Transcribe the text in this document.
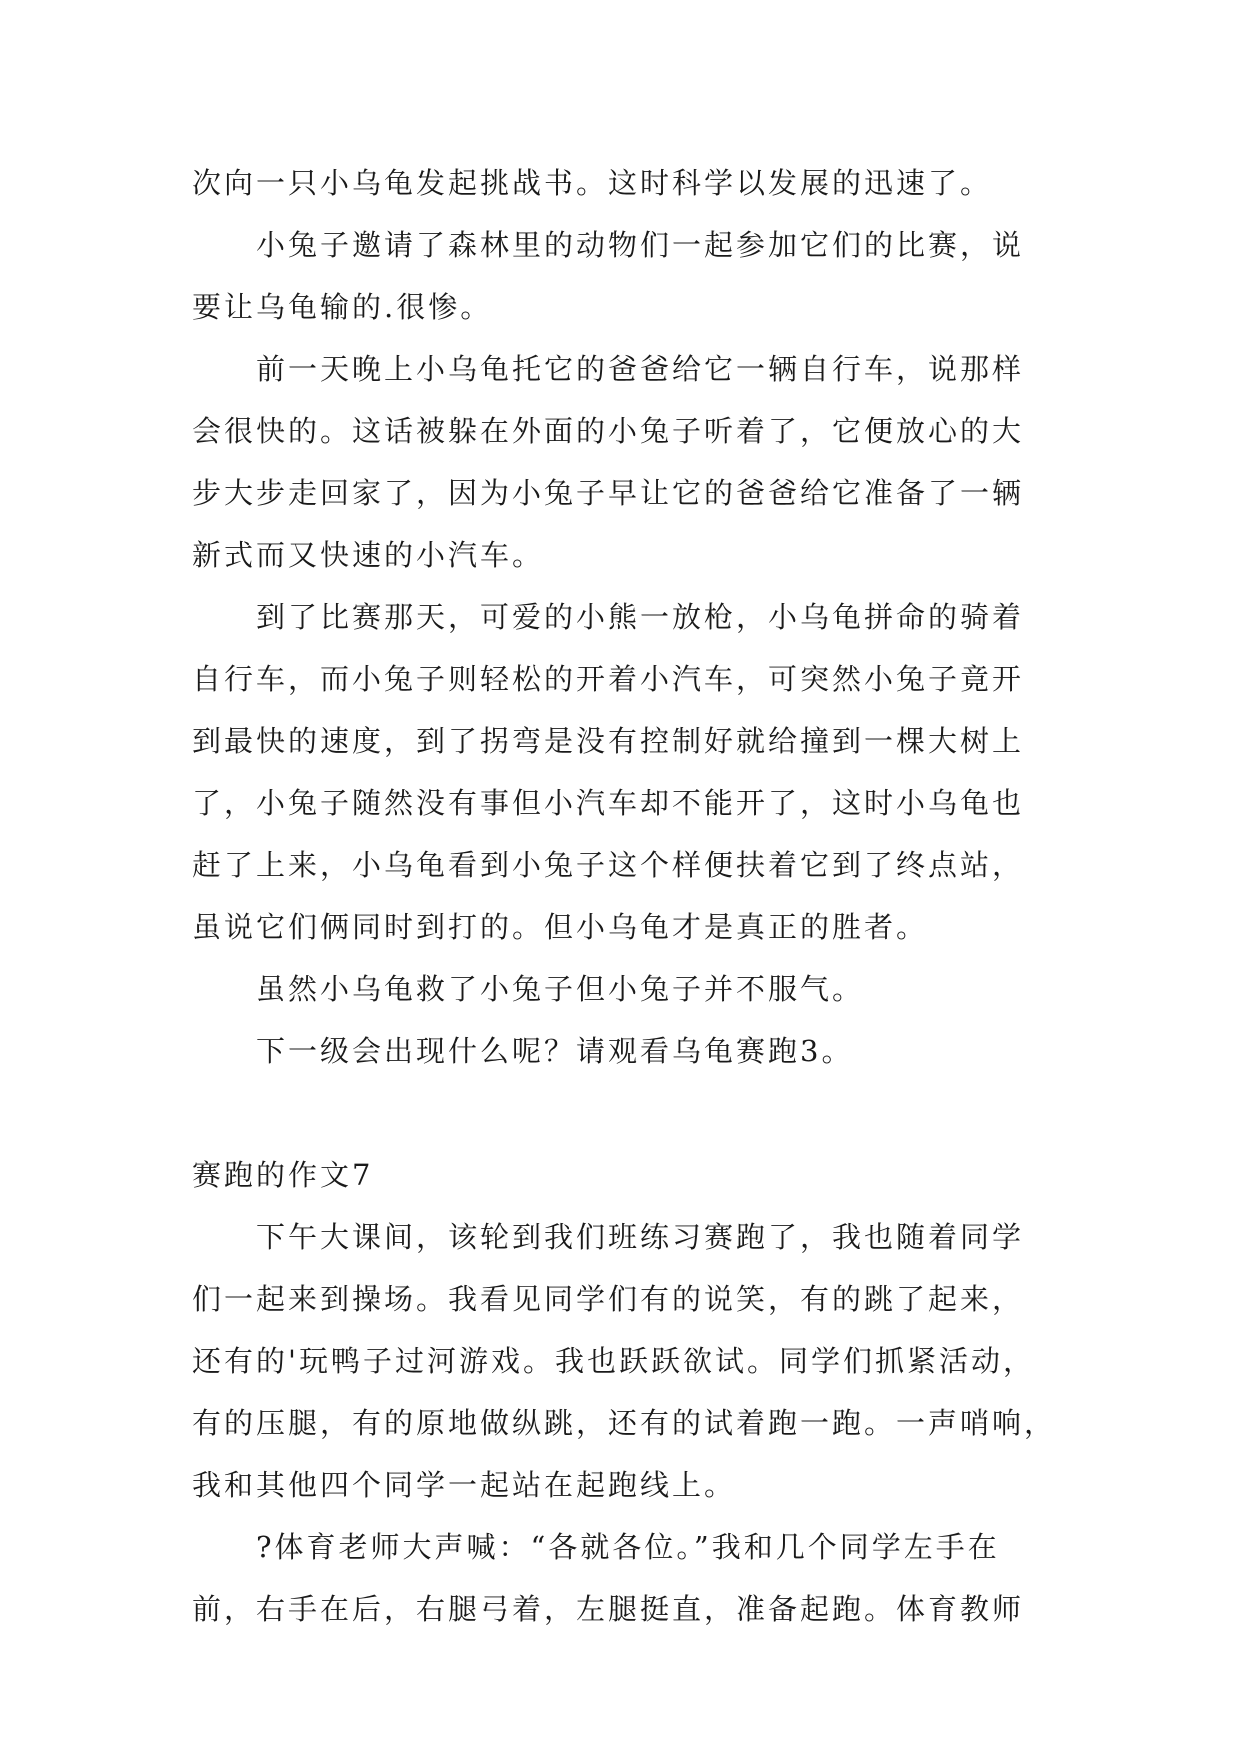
次向一只小乌龟发起挑战书。这时科学以发展的迅速了。
小兔子邀请了森林里的动物们一起参加它们的比赛，说
要让乌龟输的.很惨。
前一天晚上小乌龟托它的爸爸给它一辆自行车，说那样
会很快的。这话被躲在外面的小兔子听着了，它便放心的大
步大步走回家了，因为小兔子早让它的爸爸给它准备了一辆
新式而又快速的小汽车。
到了比赛那天，可爱的小熊一放枪，小乌龟拼命的骑着
自行车，而小兔子则轻松的开着小汽车，可突然小兔子竟开
到最快的速度，到了拐弯是没有控制好就给撞到一棵大树上
了，小兔子随然没有事但小汽车却不能开了，这时小乌龟也
赶了上来，小乌龟看到小兔子这个样便扶着它到了终点站，
虽说它们俩同时到打的。但小乌龟才是真正的胜者。
虽然小乌龟救了小兔子但小兔子并不服气。
下一级会出现什么呢？请观看乌龟赛跑3。
赛跑的作文7
下午大课间，该轮到我们班练习赛跑了，我也随着同学
们一起来到操场。我看见同学们有的说笑，有的跳了起来，
还有的'玩鸭子过河游戏。我也跃跃欲试。同学们抓紧活动，
有的压腿，有的原地做纵跳，还有的试着跑一跑。一声哨响，
我和其他四个同学一起站在起跑线上。
?体育老师大声喊：“各就各位。”我和几个同学左手在
前，右手在后，右腿弓着，左腿挺直，准备起跑。体育教师
